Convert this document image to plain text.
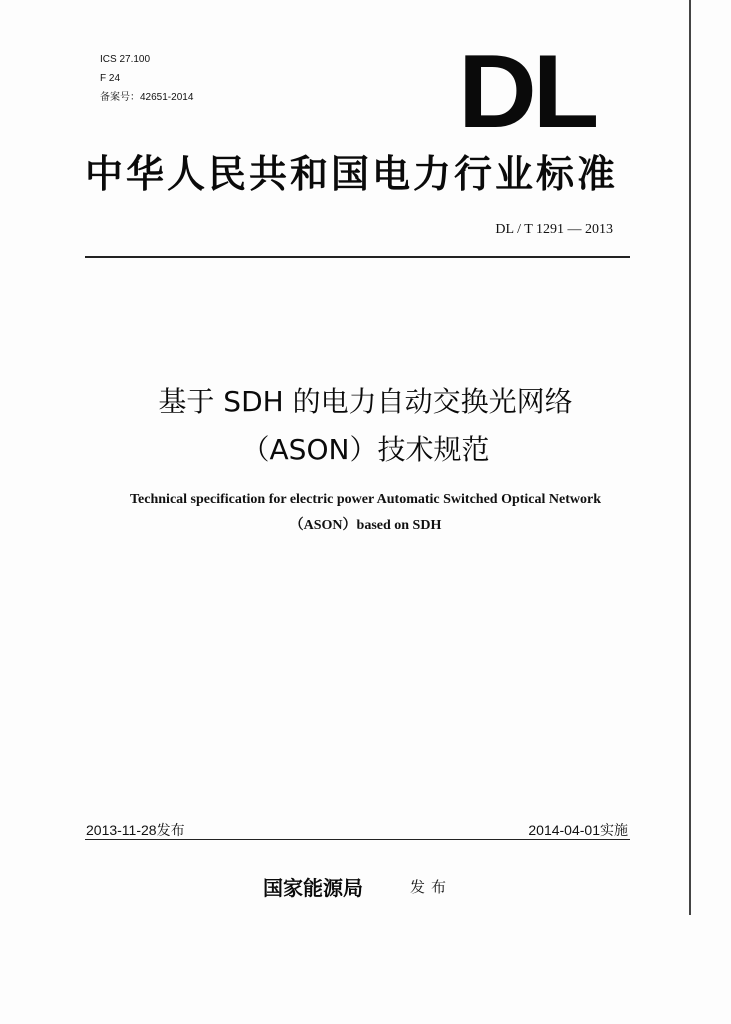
ICS 27.100
F 24
备案号：42651-2014	DL
中华人民共和国电力行业标准
DL / T 1291 — 2013
基于 SDH 的电力自动交换光网络
（ASON）技术规范
Technical specification for electric power Automatic Switched Optical Network
（ASON）based on SDH
2013-11-28发布	2014-04-01实施
国家能源局	发布
